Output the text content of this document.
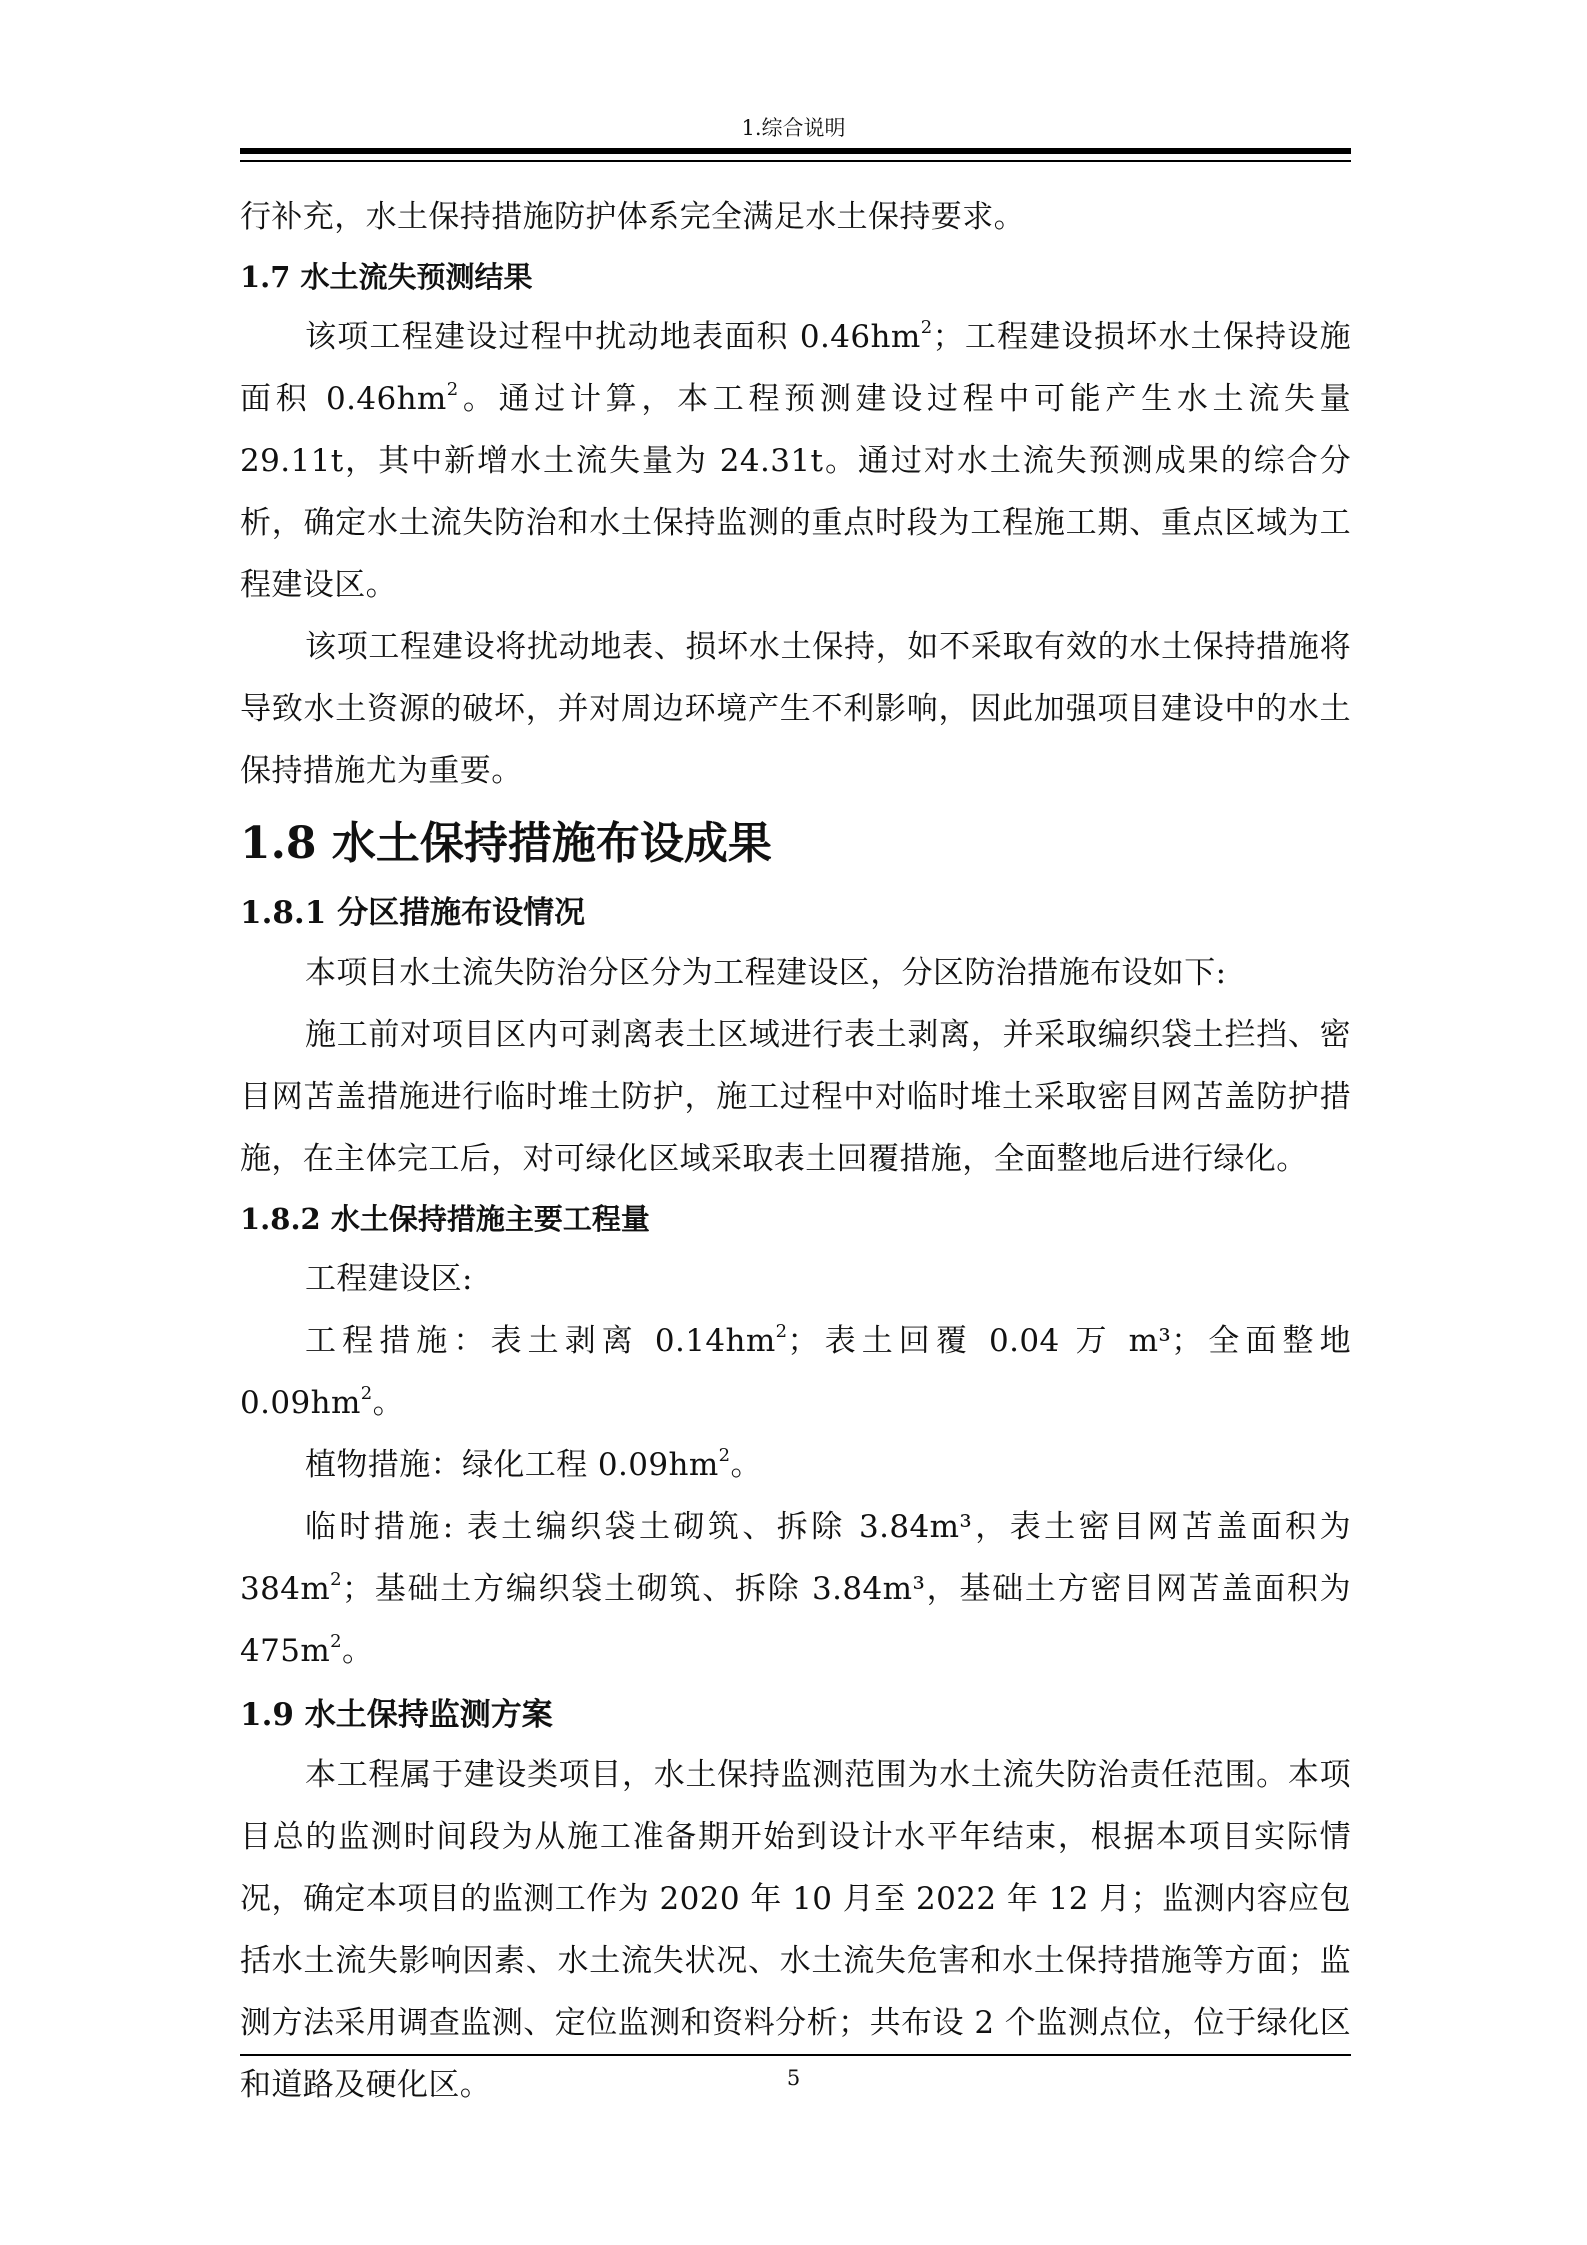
1.综合说明

行补充，水土保持措施防护体系完全满足水土保持要求。

1.7 水土流失预测结果

该项工程建设过程中扰动地表面积 $0.46hm^2$；工程建设损坏水土保持设施面积 $0.46hm^2$。通过计算，本工程预测建设过程中可能产生水土流失量 29.11t，其中新增水土流失量为 24.31t。通过对水土流失预测成果的综合分析，确定水土流失防治和水土保持监测的重点时段为工程施工期、重点区域为工程建设区。

该项工程建设将扰动地表、损坏水土保持，如不采取有效的水土保持措施将导致水土资源的破坏，并对周边环境产生不利影响，因此加强项目建设中的水土保持措施尤为重要。

1.8 水土保持措施布设成果
1.8.1 分区措施布设情况

本项目水土流失防治分区分为工程建设区，分区防治措施布设如下:

施工前对项目区内可剥离表土区域进行表土剥离，并采取编织袋土拦挡、密目网苫盖措施进行临时堆土防护，施工过程中对临时堆土采取密目网苫盖防护措施，在主体完工后，对可绿化区域采取表土回覆措施，全面整地后进行绿化。

1.8.2 水土保持措施主要工程量

工程建设区:

工程措施：表土剥离 $0.14hm^2$；表土回覆 0.04 万 m³；全面整地 $0.09hm^2$。

植物措施：绿化工程 $0.09hm^2$。

临时措施: 表土编织袋土砌筑、拆除 3.84m³，表土密目网苫盖面积为 $384m^2$；基础土方编织袋土砌筑、拆除 3.84m³，基础土方密目网苫盖面积为 $475m^2$。

1.9 水土保持监测方案

本工程属于建设类项目，水土保持监测范围为水土流失防治责任范围。本项目总的监测时间段为从施工准备期开始到设计水平年结束，根据本项目实际情况，确定本项目的监测工作为 2020 年 10 月至 2022 年 12 月；监测内容应包括水土流失影响因素、水土流失状况、水土流失危害和水土保持措施等方面；监测方法采用调查监测、定位监测和资料分析；共布设 2 个监测点位，位于绿化区和道路及硬化区。	5
